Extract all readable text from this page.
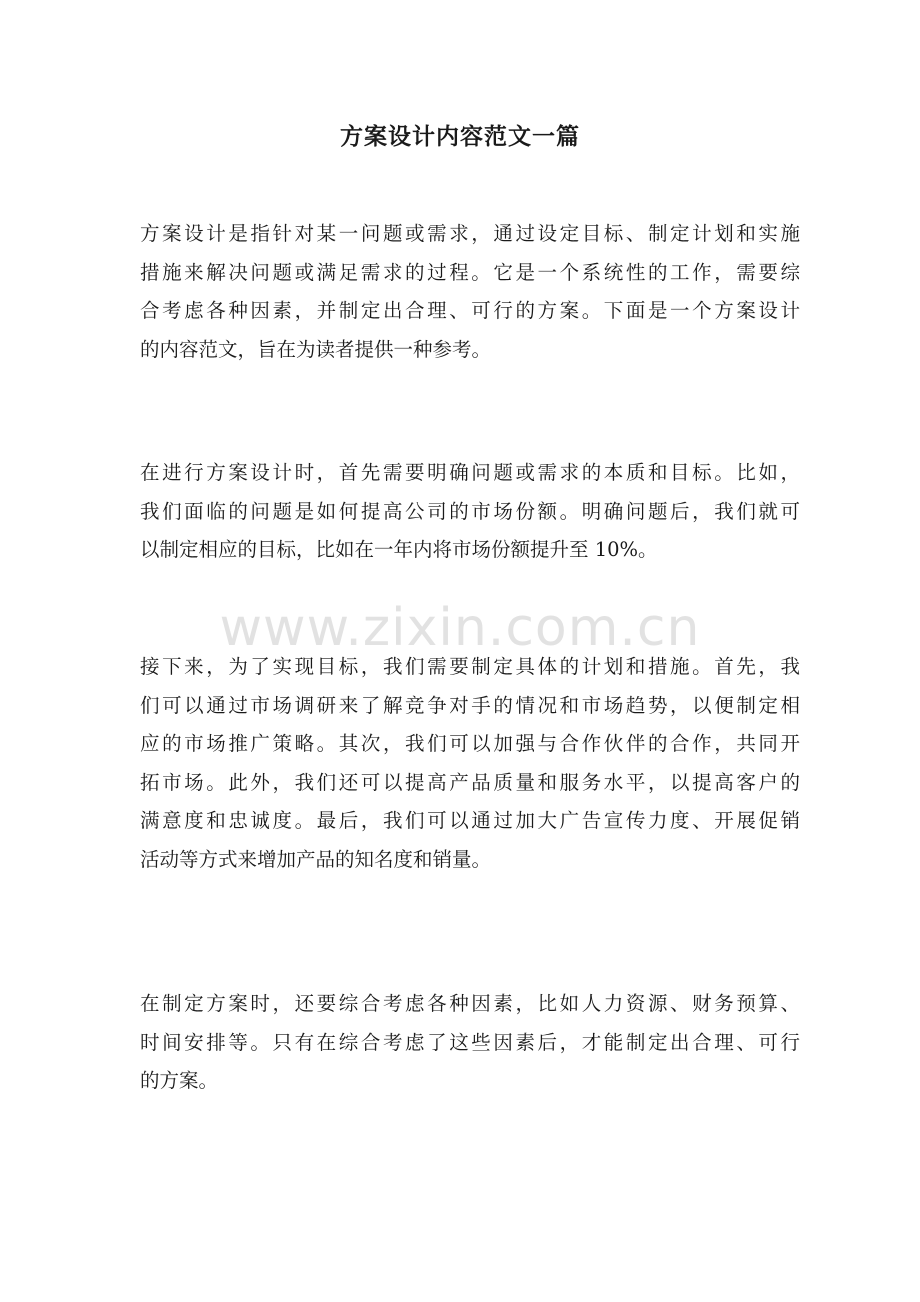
方案设计内容范文一篇
www.zixin.com.cn

方案设计是指针对某一问题或需求，通过设定目标、制定计划和实施
措施来解决问题或满足需求的过程。它是一个系统性的工作，需要综
合考虑各种因素，并制定出合理、可行的方案。下面是一个方案设计
的内容范文，旨在为读者提供一种参考。

在进行方案设计时，首先需要明确问题或需求的本质和目标。比如，
我们面临的问题是如何提高公司的市场份额。明确问题后，我们就可
以制定相应的目标，比如在一年内将市场份额提升至 10%。

接下来，为了实现目标，我们需要制定具体的计划和措施。首先，我
们可以通过市场调研来了解竞争对手的情况和市场趋势，以便制定相
应的市场推广策略。其次，我们可以加强与合作伙伴的合作，共同开
拓市场。此外，我们还可以提高产品质量和服务水平，以提高客户的
满意度和忠诚度。最后，我们可以通过加大广告宣传力度、开展促销
活动等方式来增加产品的知名度和销量。

在制定方案时，还要综合考虑各种因素，比如人力资源、财务预算、
时间安排等。只有在综合考虑了这些因素后，才能制定出合理、可行
的方案。
